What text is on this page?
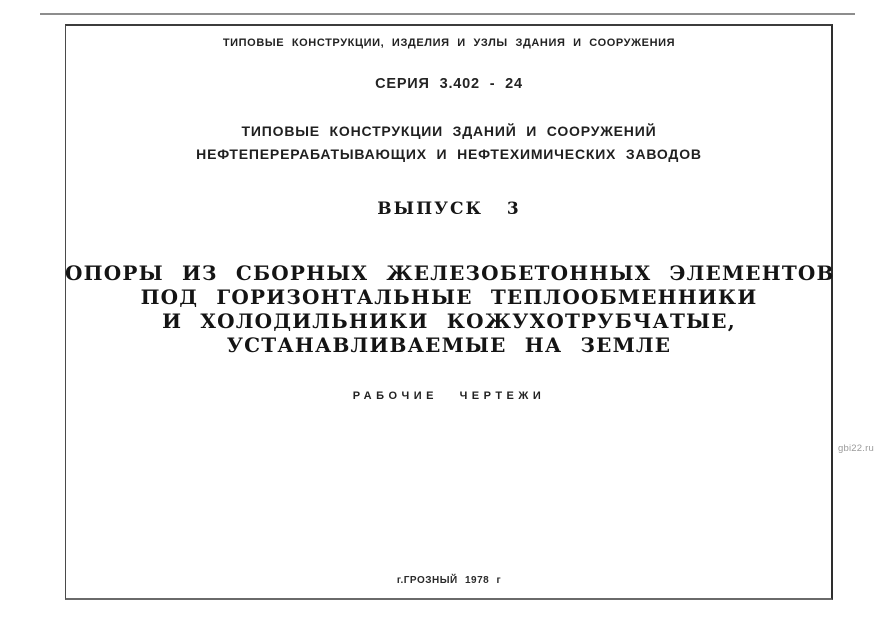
ТИПОВЫЕ КОНСТРУКЦИИ, ИЗДЕЛИЯ И УЗЛЫ ЗДАНИЯ И СООРУЖЕНИЯ
СЕРИЯ 3.402 - 24
ТИПОВЫЕ КОНСТРУКЦИИ ЗДАНИЙ И СООРУЖЕНИЙ
НЕФТЕПЕРЕРАБАТЫВАЮЩИХ И НЕФТЕХИМИЧЕСКИХ ЗАВОДОВ
ВЫПУСК 3
ОПОРЫ ИЗ СБОРНЫХ ЖЕЛЕЗОБЕТОННЫХ ЭЛЕМЕНТОВ
ПОД ГОРИЗОНТАЛЬНЫЕ ТЕПЛООБМЕННИКИ
И ХОЛОДИЛЬНИКИ КОЖУХОТРУБЧАТЫЕ,
УСТАНАВЛИВАЕМЫЕ НА ЗЕМЛЕ
РАБОЧИЕ ЧЕРТЕЖИ
г.ГРОЗНЫЙ 1978 г
gbi22.ru
